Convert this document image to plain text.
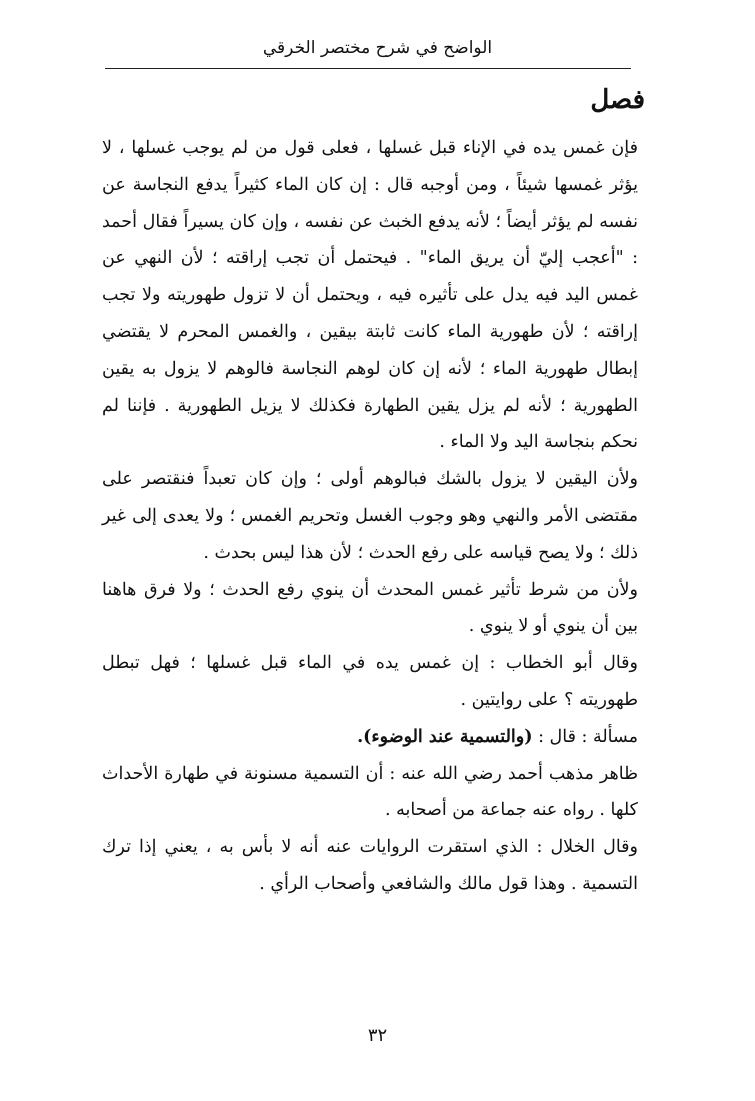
الواضح في شرح مختصر الخرقي
فصل

فإن غمس يده في الإناء قبل غسلها ، فعلى قول من لم يوجب غسلها ، لا يؤثر غمسها شيئاً ، ومن أوجبه قال : إن كان الماء كثيراً يدفع النجاسة عن نفسه لم يؤثر أيضاً ؛ لأنه يدفع الخبث عن نفسه ، وإن كان يسيراً فقال أحمد : "أعجب إليّ أن يريق الماء" . فيحتمل أن تجب إراقته ؛ لأن النهي عن غمس اليد فيه يدل على تأثيره فيه ، ويحتمل أن لا تزول طهوريته ولا تجب إراقته ؛ لأن طهورية الماء كانت ثابتة بيقين ، والغمس المحرم لا يقتضي إبطال طهورية الماء ؛ لأنه إن كان لوهم النجاسة فالوهم لا يزول به يقين الطهورية ؛ لأنه لم يزل يقين الطهارة فكذلك لا يزيل الطهورية . فإننا لم نحكم بنجاسة اليد ولا الماء .

ولأن اليقين لا يزول بالشك فبالوهم أولى ؛ وإن كان تعبداً فنقتصر على مقتضى الأمر والنهي وهو وجوب الغسل وتحريم الغمس ؛ ولا يعدى إلى غير ذلك ؛ ولا يصح قياسه على رفع الحدث ؛ لأن هذا ليس بحدث .

ولأن من شرط تأثير غمس المحدث أن ينوي رفع الحدث ؛ ولا فرق هاهنا بين أن ينوي أو لا ينوي .

وقال أبو الخطاب : إن غمس يده في الماء قبل غسلها ؛ فهل تبطل طهوريته ؟ على روايتين .

مسألة : قال : (والتسمية عند الوضوء).

ظاهر مذهب أحمد رضي الله عنه : أن التسمية مسنونة في طهارة الأحداث كلها . رواه عنه جماعة من أصحابه .

وقال الخلال : الذي استقرت الروايات عنه أنه لا بأس به ، يعني إذا ترك التسمية . وهذا قول مالك والشافعي وأصحاب الرأي .

٣٢
